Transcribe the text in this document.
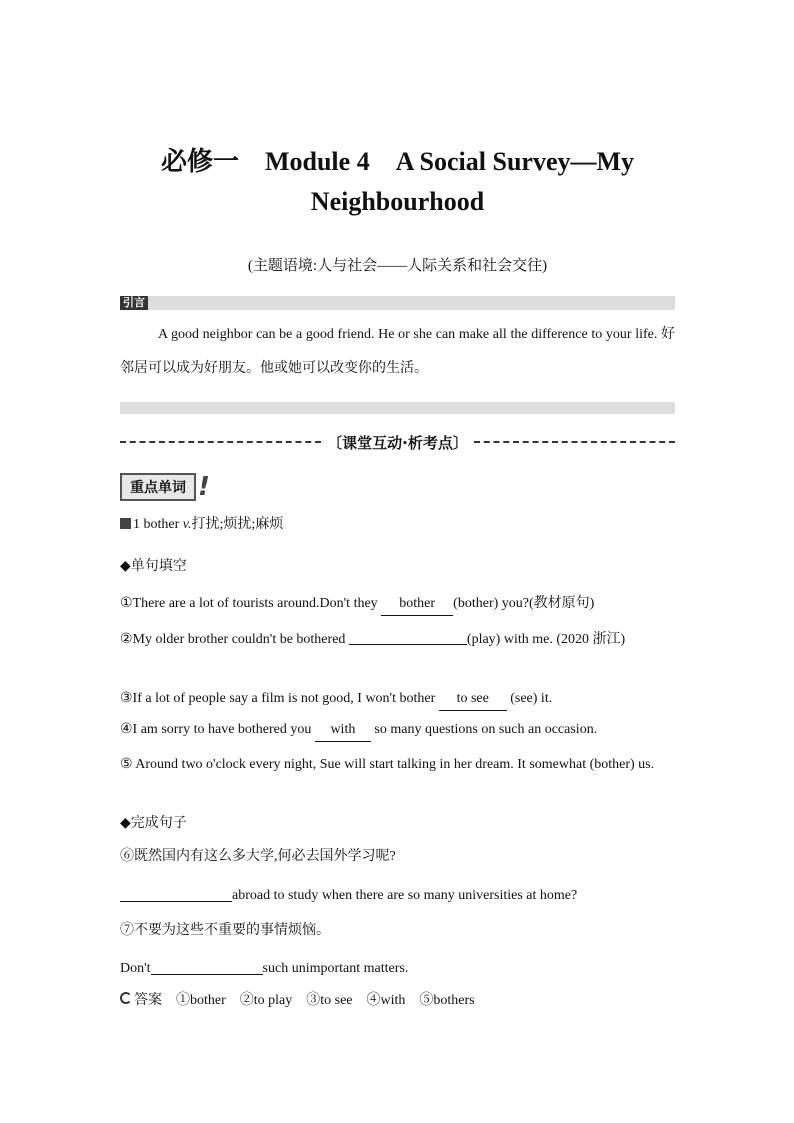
必修一　Module 4　A Social Survey—My
Neighbourhood
(主题语境:人与社会——人际关系和社会交往)
引言
A good neighbor can be a good friend. He or she can make all the difference to your life. 好邻居可以成为好朋友。他或她可以改变你的生活。
〔课堂互动·析考点〕
重点单词 !
1 bother v.打扰;烦扰;麻烦
◆单句填空
①There are a lot of tourists around.Don't they bother (bother) you?(教材原句)
②My older brother couldn't be bothered	(play) with me. (2020 浙江)
③If a lot of people say a film is not good, I won't bother to see (see) it.
④I am sorry to have bothered you with so many questions on such an occasion.
⑤ Around two o'clock every night, Sue will start talking in her dream. It somewhat (bother) us.
◆完成句子
⑥既然国内有这么多大学,何必去国外学习呢?
abroad to study when there are so many universities at home?
⑦不要为这些不重要的事情烦恼。
Don't	such unimportant matters.
答案　①bother　②to play　③to see　④with　⑤bothers
